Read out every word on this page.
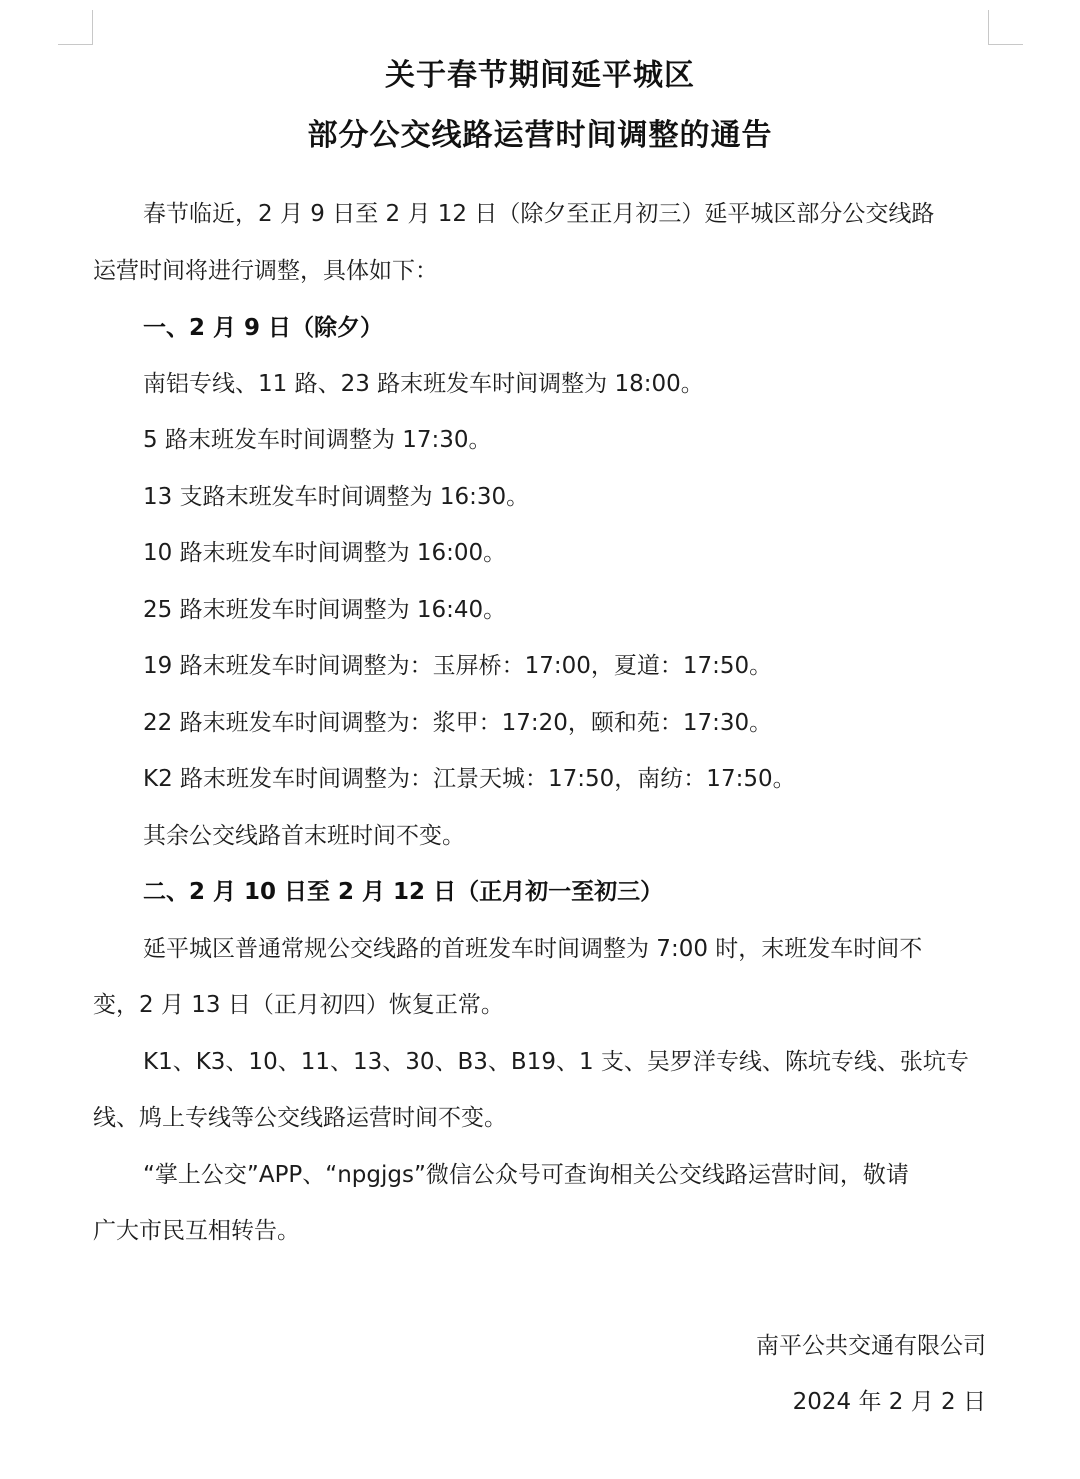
关于春节期间延平城区
部分公交线路运营时间调整的通告
春节临近，2 月 9 日至 2 月 12 日（除夕至正月初三）延平城区部分公交线路
运营时间将进行调整，具体如下：
一、2 月 9 日（除夕）
南铝专线、11 路、23 路末班发车时间调整为 18:00。
5 路末班发车时间调整为 17:30。
13 支路末班发车时间调整为 16:30。
10 路末班发车时间调整为 16:00。
25 路末班发车时间调整为 16:40。
19 路末班发车时间调整为：玉屏桥：17:00，夏道：17:50。
22 路末班发车时间调整为：浆甲：17:20，颐和苑：17:30。
K2 路末班发车时间调整为：江景天城：17:50，南纺：17:50。
其余公交线路首末班时间不变。
二、2 月 10 日至 2 月 12 日（正月初一至初三）
延平城区普通常规公交线路的首班发车时间调整为 7:00 时，末班发车时间不
变，2 月 13 日（正月初四）恢复正常。
K1、K3、10、11、13、30、B3、B19、1 支、吴罗洋专线、陈坑专线、张坑专
线、鸠上专线等公交线路运营时间不变。
“掌上公交”APP、“npgjgs”微信公众号可查询相关公交线路运营时间，敬请
广大市民互相转告。
南平公共交通有限公司
2024 年 2 月 2 日
